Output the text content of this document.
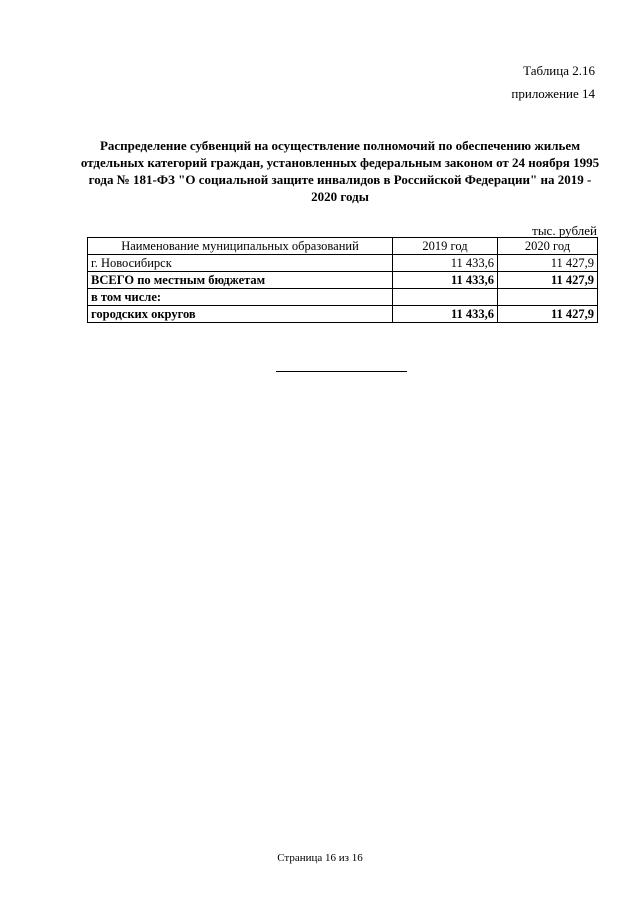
Таблица 2.16
приложение 14
Распределение субвенций на осуществление полномочий по обеспечению жильем отдельных категорий граждан, установленных федеральным законом от 24 ноября 1995 года № 181-ФЗ "О социальной защите инвалидов в Российской Федерации" на 2019 - 2020 годы
тыс. рублей
Наименование муниципальных образований	2019 год	2020 год
г. Новосибирск	11 433,6	11 427,9
ВСЕГО по местным бюджетам	11 433,6	11 427,9
в том числе:		
городских округов	11 433,6	11 427,9
Страница 16 из 16
